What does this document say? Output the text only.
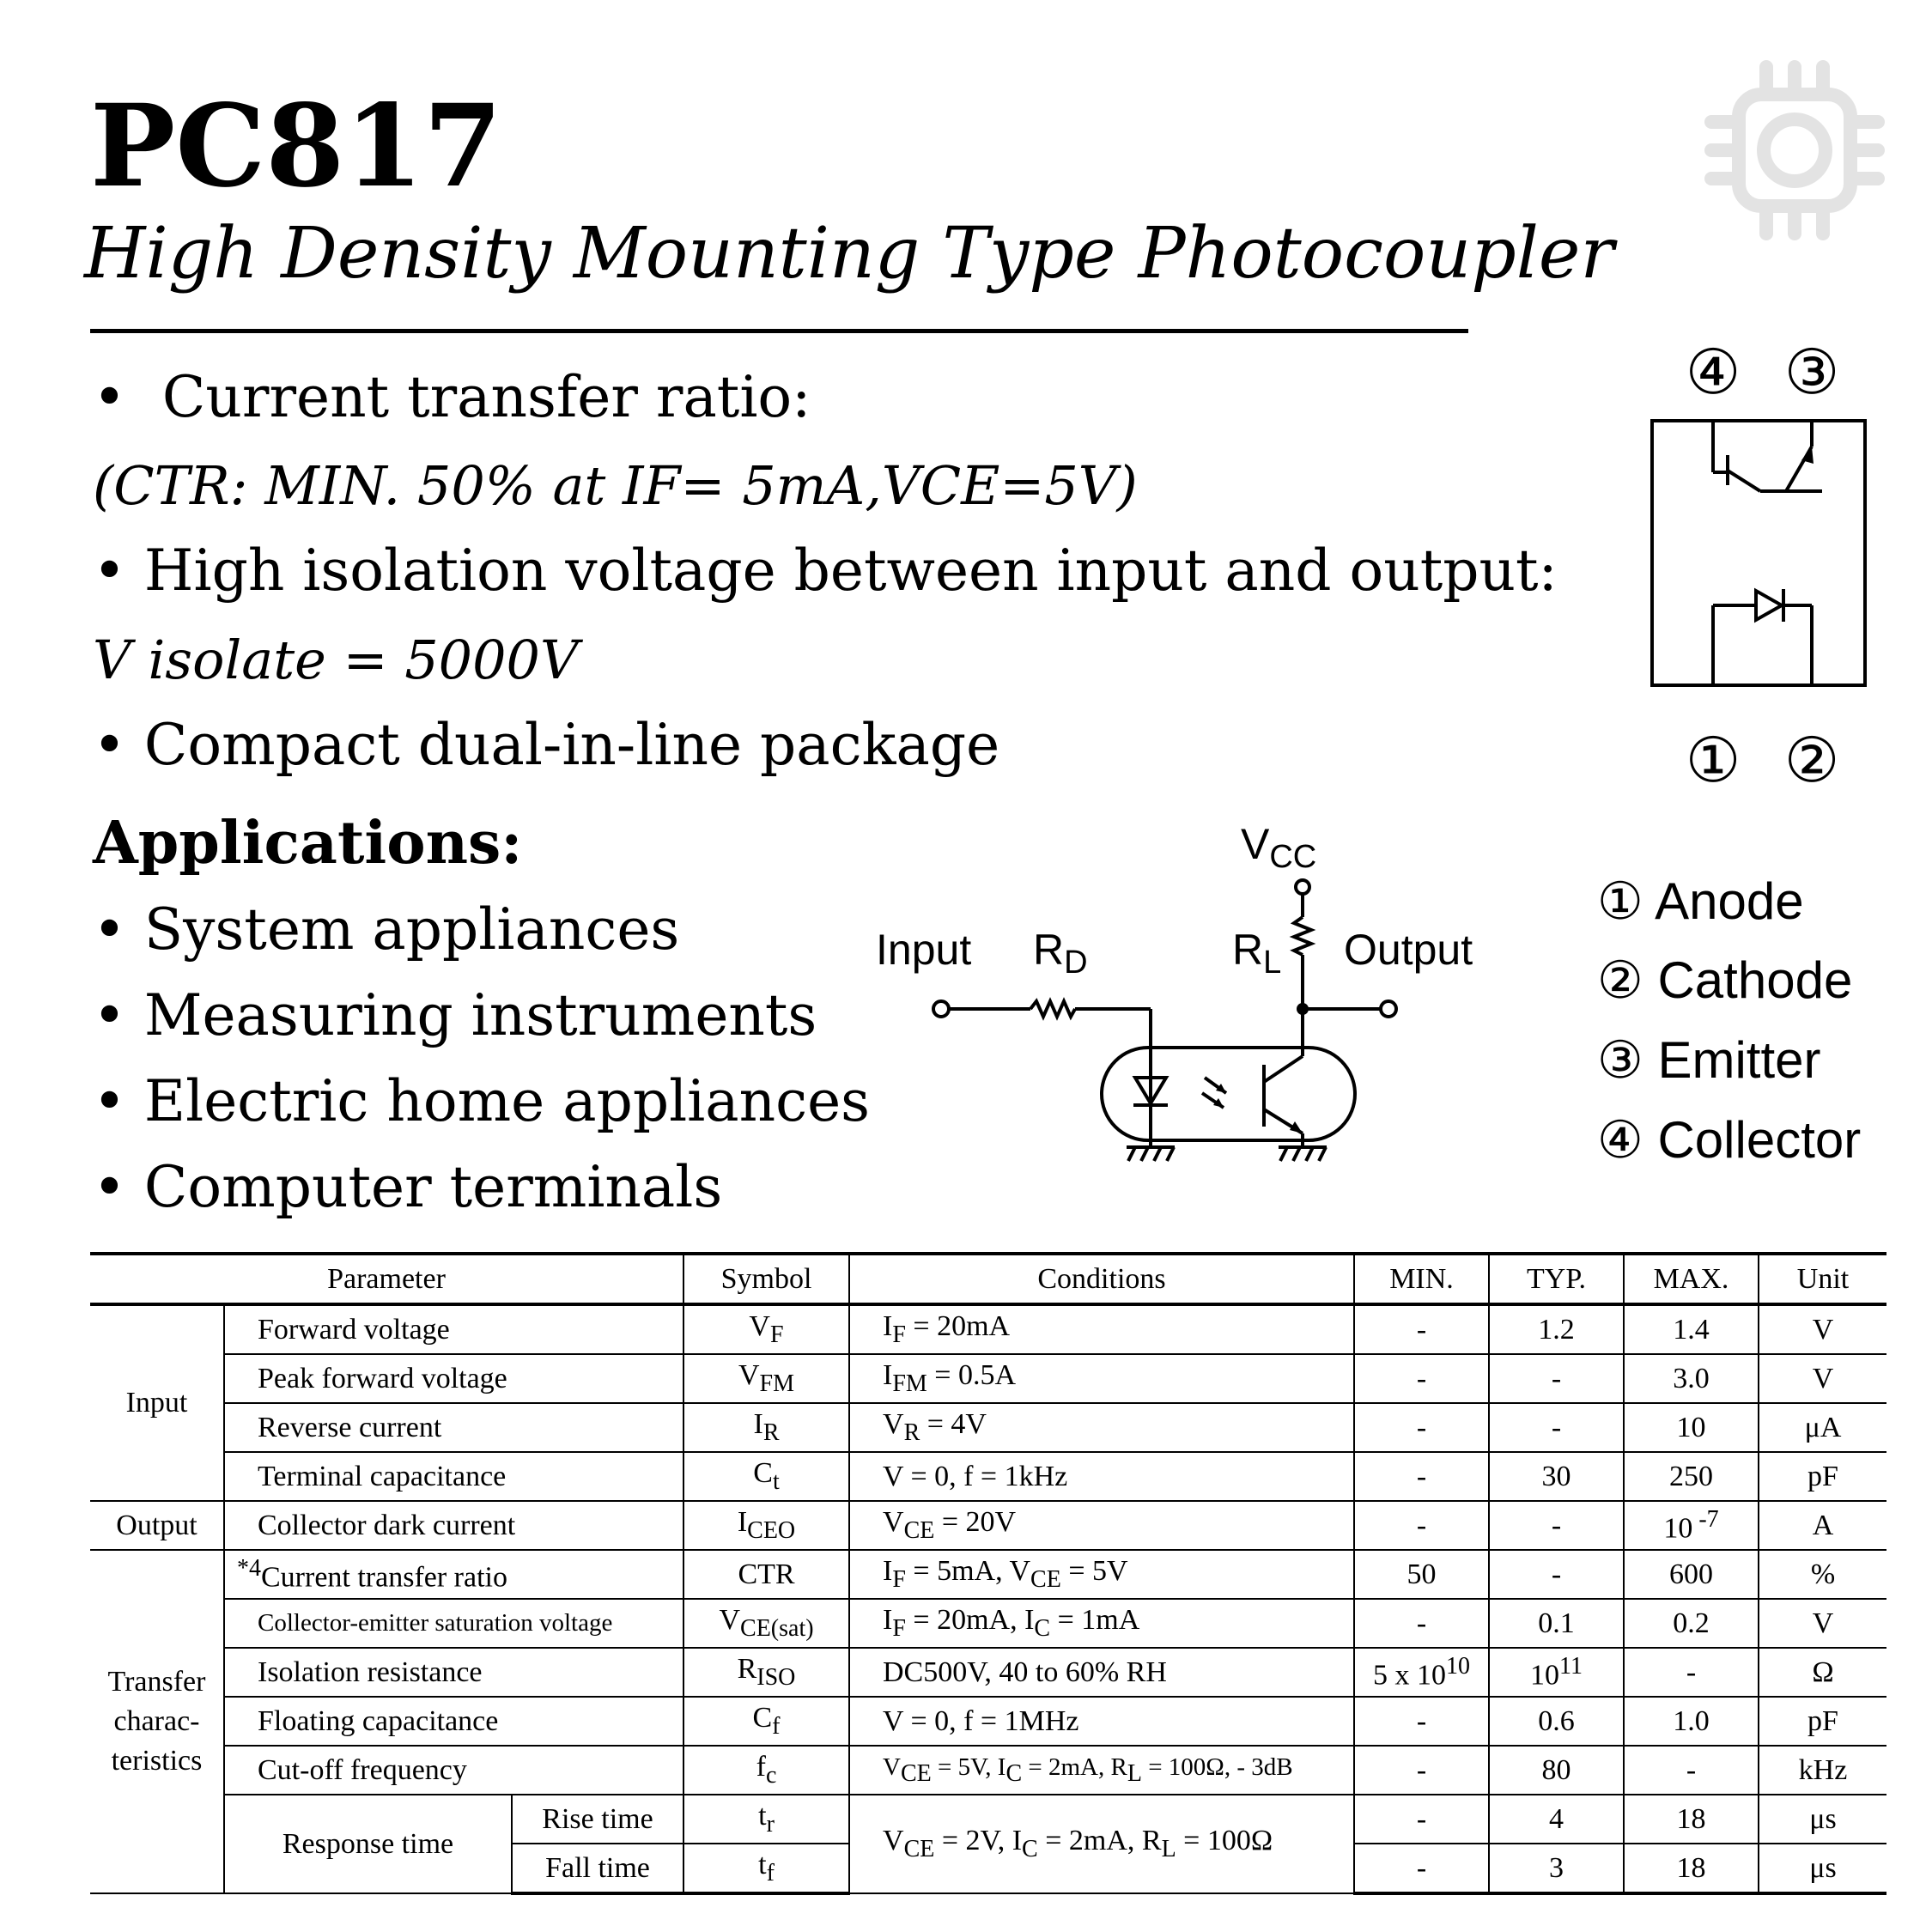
PC817
High Density Mounting Type Photocoupler
• Current transfer ratio:
(CTR: MIN. 50% at IF= 5mA,VCE=5V)
• High isolation voltage between input and output:
V isolate = 5000V
• Compact dual-in-line package
Applications:
• System appliances
• Measuring instruments
• Electric home appliances
• Computer terminals
$V_{CC}$
Input $R_D$	$R_L$ Output
④ ③
① ②
① Anode
② Cathode
③ Emitter
④ Collector
Parameter			Symbol	Conditions	MIN.	TYP.	MAX.	Unit
Input	Forward voltage		$V_F$	$I_F = 20mA$	-	1.2	1.4	V
	Peak forward voltage		$V_{FM}$	$I_{FM} = 0.5A$	-	-	3.0	V
	Reverse current		$I_R$	$V_R = 4V$	-	-	10	μA
	Terminal capacitance		$C_t$	V = 0, f = 1kHz	-	30	250	pF
Output	Collector dark current		$I_{CEO}$	$V_{CE} = 20V$	-	-	10 $^{-7}$	A
Transfer
charac-
teristics	$^{*4}$Current transfer ratio		CTR	$I_F = 5mA$, $V_{CE} = 5V$	50	-	600	%
	Collector-emitter saturation voltage		$V_{CE(sat)}$	$I_F = 20mA$, $I_C = 1mA$	-	0.1	0.2	V
	Isolation resistance		$R_{ISO}$	DC500V, 40 to 60% RH	5 x $10^{10}$	$10^{11}$	-	Ω
	Floating capacitance		$C_f$	V = 0, f = 1MHz	-	0.6	1.0	pF
	Cut-off frequency		$f_c$	$V_{CE} = 5V$, $I_C = 2mA$, $R_L = 100\Omega$, - 3dB	-	80	-	kHz
	Response time	Rise time	$t_r$	$V_{CE} = 2V$, $I_C = 2mA$, $R_L = 100\Omega$	-	4	18	μs
		Fall time	$t_f$		-	3	18	μs
